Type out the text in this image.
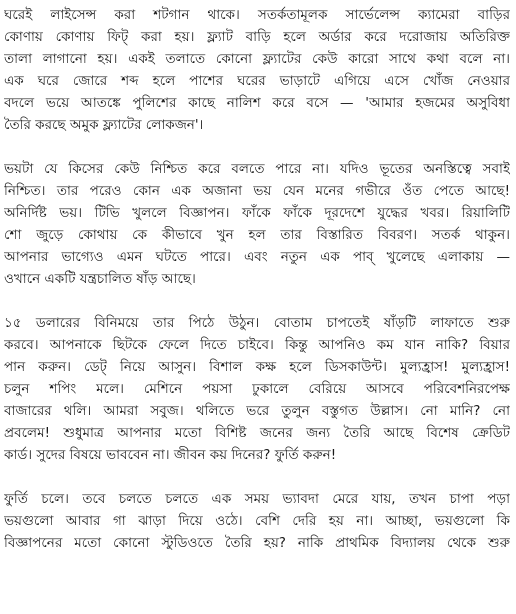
ঘরেই লাইসেন্স করা শটগান থাকে। সতর্কতামূলক সার্ভেলেন্স ক্যামেরা বাড়ির
কোণায় কোণায় ফিট্ করা হয়। ফ্ল্যাট বাড়ি হলে অর্ডার করে দরোজায় অতিরিক্ত
তালা লাগানো হয়। একই তলাতে কোনো ফ্ল্যাটের কেউ কারো সাথে কথা বলে না।
এক ঘরে জোরে শব্দ হলে পাশের ঘরের ভাড়াটে এগিয়ে এসে খোঁজ নেওয়ার
বদলে ভয়ে আতঙ্কে পুলিশের কাছে নালিশ করে বসে — 'আমার হজমের অসুবিধা
তৈরি করছে অমুক ফ্ল্যাটের লোকজন'।
ভয়টা যে কিসের কেউ নিশ্চিত করে বলতে পারে না। যদিও ভূতের অনস্তিত্বে সবাই
নিশ্চিত। তার পরেও কোন এক অজানা ভয় যেন মনের গভীরে ওঁত পেতে আছে!
অনির্দিষ্ট ভয়। টিভি খুললে বিজ্ঞাপন। ফাঁকে ফাঁকে দূরদেশে যুদ্ধের খবর। রিয়ালিটি
শো জুড়ে কোথায় কে কীভাবে খুন হল তার বিস্তারিত বিবরণ। সতর্ক থাকুন।
আপনার ভাগ্যেও এমন ঘটতে পারে। এবং নতুন এক পাব্ খুলেছে এলাকায় —
ওখানে একটি যন্ত্রচালিত ষাঁড় আছে।
১৫ ডলারের বিনিময়ে তার পিঠে উঠুন। বোতাম চাপতেই ষাঁড়টি লাফাতে শুরু
করবে। আপনাকে ছিটকে ফেলে দিতে চাইবে। কিন্তু আপনিও কম যান নাকি? বিয়ার
পান করুন। ডেট্ নিয়ে আসুন। বিশাল কক্ষ হলে ডিসকাউন্ট। মুল্যহ্রাস! মুল্যহ্রাস!
চলুন শপিং মলে। মেশিনে পয়সা ঢুকালে বেরিয়ে আসবে পরিবেশনিরপেক্ষ
বাজারের থলি। আমরা সবুজ। থলিতে ভরে তুলুন বস্তুগত উল্লাস। নো মানি? নো
প্রবলেম! শুধুমাত্র আপনার মতো বিশিষ্ট জনের জন্য তৈরি আছে বিশেষ ক্রেডিট
কার্ড। সুদের বিষয়ে ভাববেন না। জীবন কয় দিনের? ফুর্তি করুন!
ফুর্তি চলে। তবে চলতে চলতে এক সময় ভ্যাবদা মেরে যায়, তখন চাপা পড়া
ভয়গুলো আবার গা ঝাড়া দিয়ে ওঠে। বেশি দেরি হয় না। আচ্ছা, ভয়গুলো কি
বিজ্ঞাপনের মতো কোনো স্টুডিওতে তৈরি হয়? নাকি প্রাথমিক বিদ্যালয় থেকে শুরু
